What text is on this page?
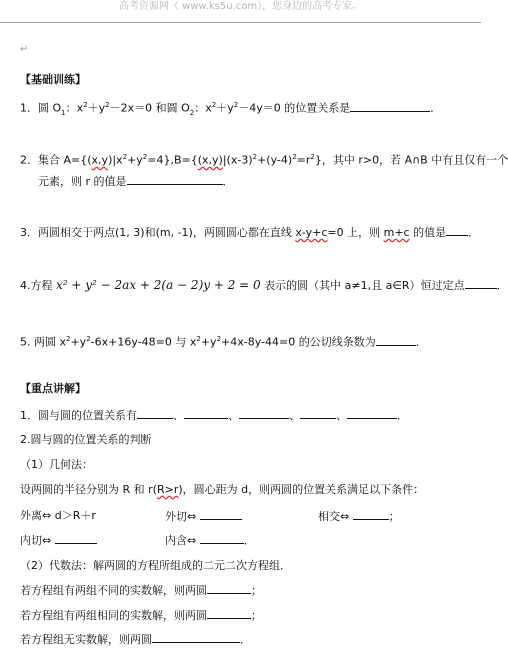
高考资源网（ www.ks5u.com），您身边的高考专家。
↵
【基础训练】
1．圆 $O_1$：$x^2+y^2-2x=0$ 和圆 $O_2$：$x^2+y^2-4y=0$ 的位置关系是	．
2．集合 $A=\{(x,y)|x^2+y^2=4\},B=\{(x,y)|(x-3)^2+(y-4)^2=r^2\}$，其中 r>0，若 A∩B 中有且仅有一个
元素，则 r 的值是	．
3．两圆相交于两点(1, 3)和(m, -1)，两圆圆心都在直线 x-y+c=0 上，则 m+c 的值是 ．
4.方程 x² + y² − 2ax + 2(a − 2)y + 2 = 0 表示的圆（其中 a≠1,且 a∈R）恒过定点	．
5. 两圆 $x^2+y^2-6x+16y-48=0$ 与 $x^2+y^2+4x-8y-44=0$ 的公切线条数为	．
【重点讲解】
1．圆与圆的位置关系有	、	、	、	、	．
2.圆与圆的位置关系的判断
（1）几何法：
设两圆的半径分别为 R 和 r(R>r)，圆心距为 d，则两圆的位置关系满足以下条件：
外离⇔ d＞R＋r	外切⇔	相交⇔	；
内切⇔	内含⇔	．
（2）代数法：解两圆的方程所组成的二元二次方程组．
若方程组有两组不同的实数解，则两圆	；
若方程组有两组相同的实数解，则两圆	；
若方程组无实数解，则两圆	．
